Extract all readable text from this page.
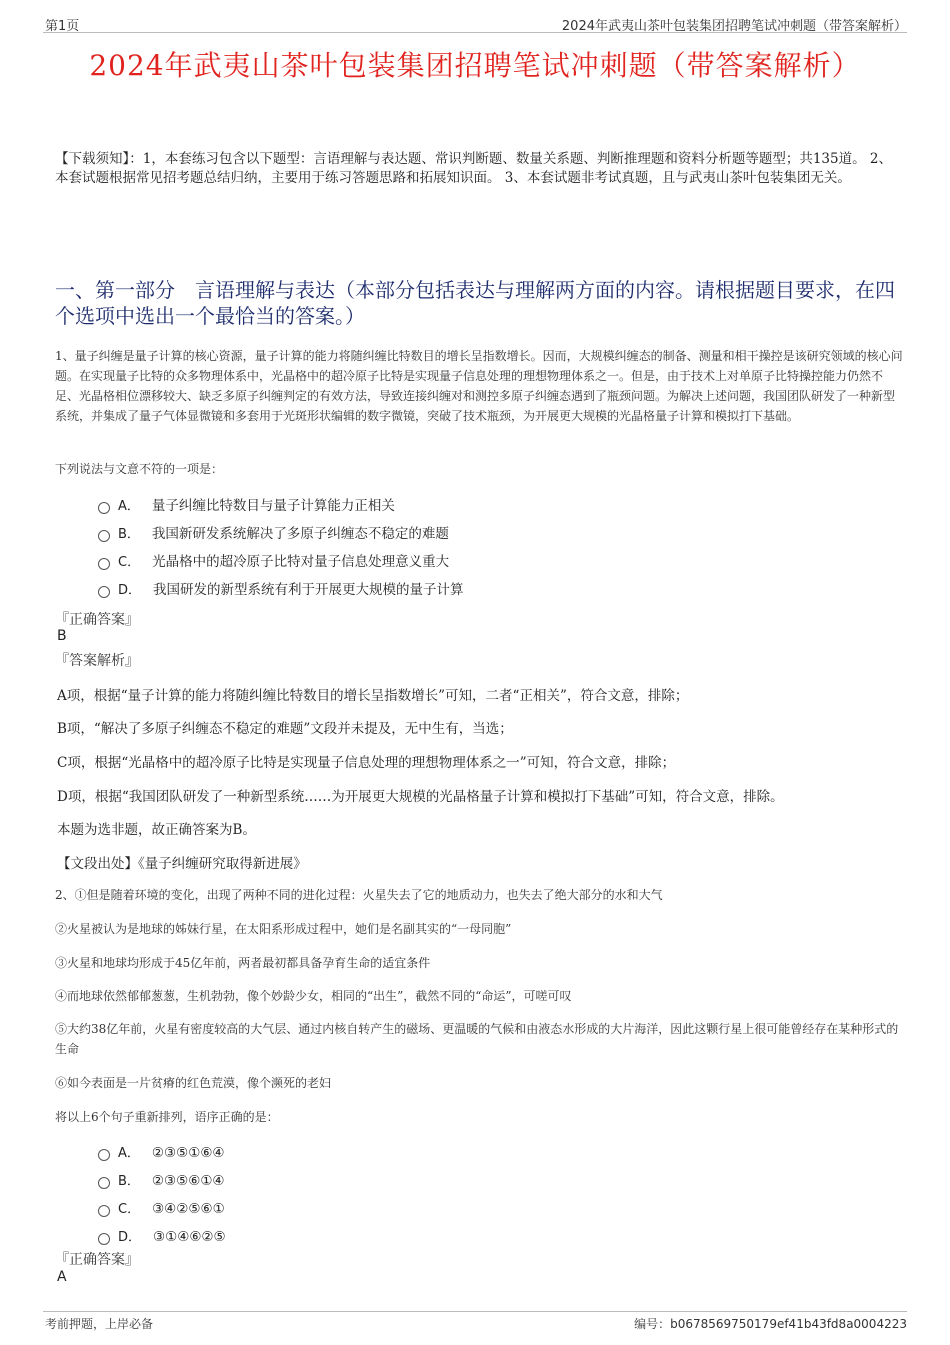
第1页	2024年武夷山茶叶包装集团招聘笔试冲刺题（带答案解析）
2024年武夷山茶叶包装集团招聘笔试冲刺题（带答案解析）
【下载须知】：1，本套练习包含以下题型：言语理解与表达题、常识判断题、数量关系题、判断推理题和资料分析题等题型；共135道。 2、本套试题根据常见招考题总结归纳，主要用于练习答题思路和拓展知识面。 3、本套试题非考试真题，且与武夷山茶叶包装集团无关。
一、第一部分　言语理解与表达（本部分包括表达与理解两方面的内容。请根据题目要求，在四个选项中选出一个最恰当的答案。）
1、量子纠缠是量子计算的核心资源，量子计算的能力将随纠缠比特数目的增长呈指数增长。因而，大规模纠缠态的制备、测量和相干操控是该研究领域的核心问题。在实现量子比特的众多物理体系中，光晶格中的超冷原子比特是实现量子信息处理的理想物理体系之一。但是，由于技术上对单原子比特操控能力仍然不足、光晶格相位漂移较大、缺乏多原子纠缠判定的有效方法，导致连接纠缠对和测控多原子纠缠态遇到了瓶颈问题。为解决上述问题，我国团队研发了一种新型系统，并集成了量子气体显微镜和多套用于光斑形状编辑的数字微镜，突破了技术瓶颈，为开展更大规模的光晶格量子计算和模拟打下基础。
下列说法与文意不符的一项是：
A． 量子纠缠比特数目与量子计算能力正相关
B． 我国新研发系统解决了多原子纠缠态不稳定的难题
C． 光晶格中的超冷原子比特对量子信息处理意义重大
D． 我国研发的新型系统有利于开展更大规模的量子计算
『正确答案』
B
『答案解析』
A项，根据“量子计算的能力将随纠缠比特数目的增长呈指数增长”可知，二者“正相关”，符合文意，排除；
B项，“解决了多原子纠缠态不稳定的难题”文段并未提及，无中生有，当选；
C项，根据“光晶格中的超冷原子比特是实现量子信息处理的理想物理体系之一”可知，符合文意，排除；
D项，根据“我国团队研发了一种新型系统……为开展更大规模的光晶格量子计算和模拟打下基础”可知，符合文意，排除。
本题为选非题，故正确答案为B。
【文段出处】《量子纠缠研究取得新进展》
2、①但是随着环境的变化，出现了两种不同的进化过程：火星失去了它的地质动力，也失去了绝大部分的水和大气
②火星被认为是地球的姊妹行星，在太阳系形成过程中，她们是名副其实的“一母同胞”
③火星和地球均形成于45亿年前，两者最初都具备孕育生命的适宜条件
④而地球依然郁郁葱葱，生机勃勃，像个妙龄少女，相同的“出生”，截然不同的“命运”，可嗟可叹
⑤大约38亿年前，火星有密度较高的大气层、通过内核自转产生的磁场、更温暖的气候和由液态水形成的大片海洋，因此这颗行星上很可能曾经存在某种形式的生命
⑥如今表面是一片贫瘠的红色荒漠，像个濒死的老妇
将以上6个句子重新排列，语序正确的是：
A． ②③⑤①⑥④
B． ②③⑤⑥①④
C． ③④②⑤⑥①
D． ③①④⑥②⑤
『正确答案』
A
考前押题，上岸必备	编号：b0678569750179ef41b43fd8a0004223
